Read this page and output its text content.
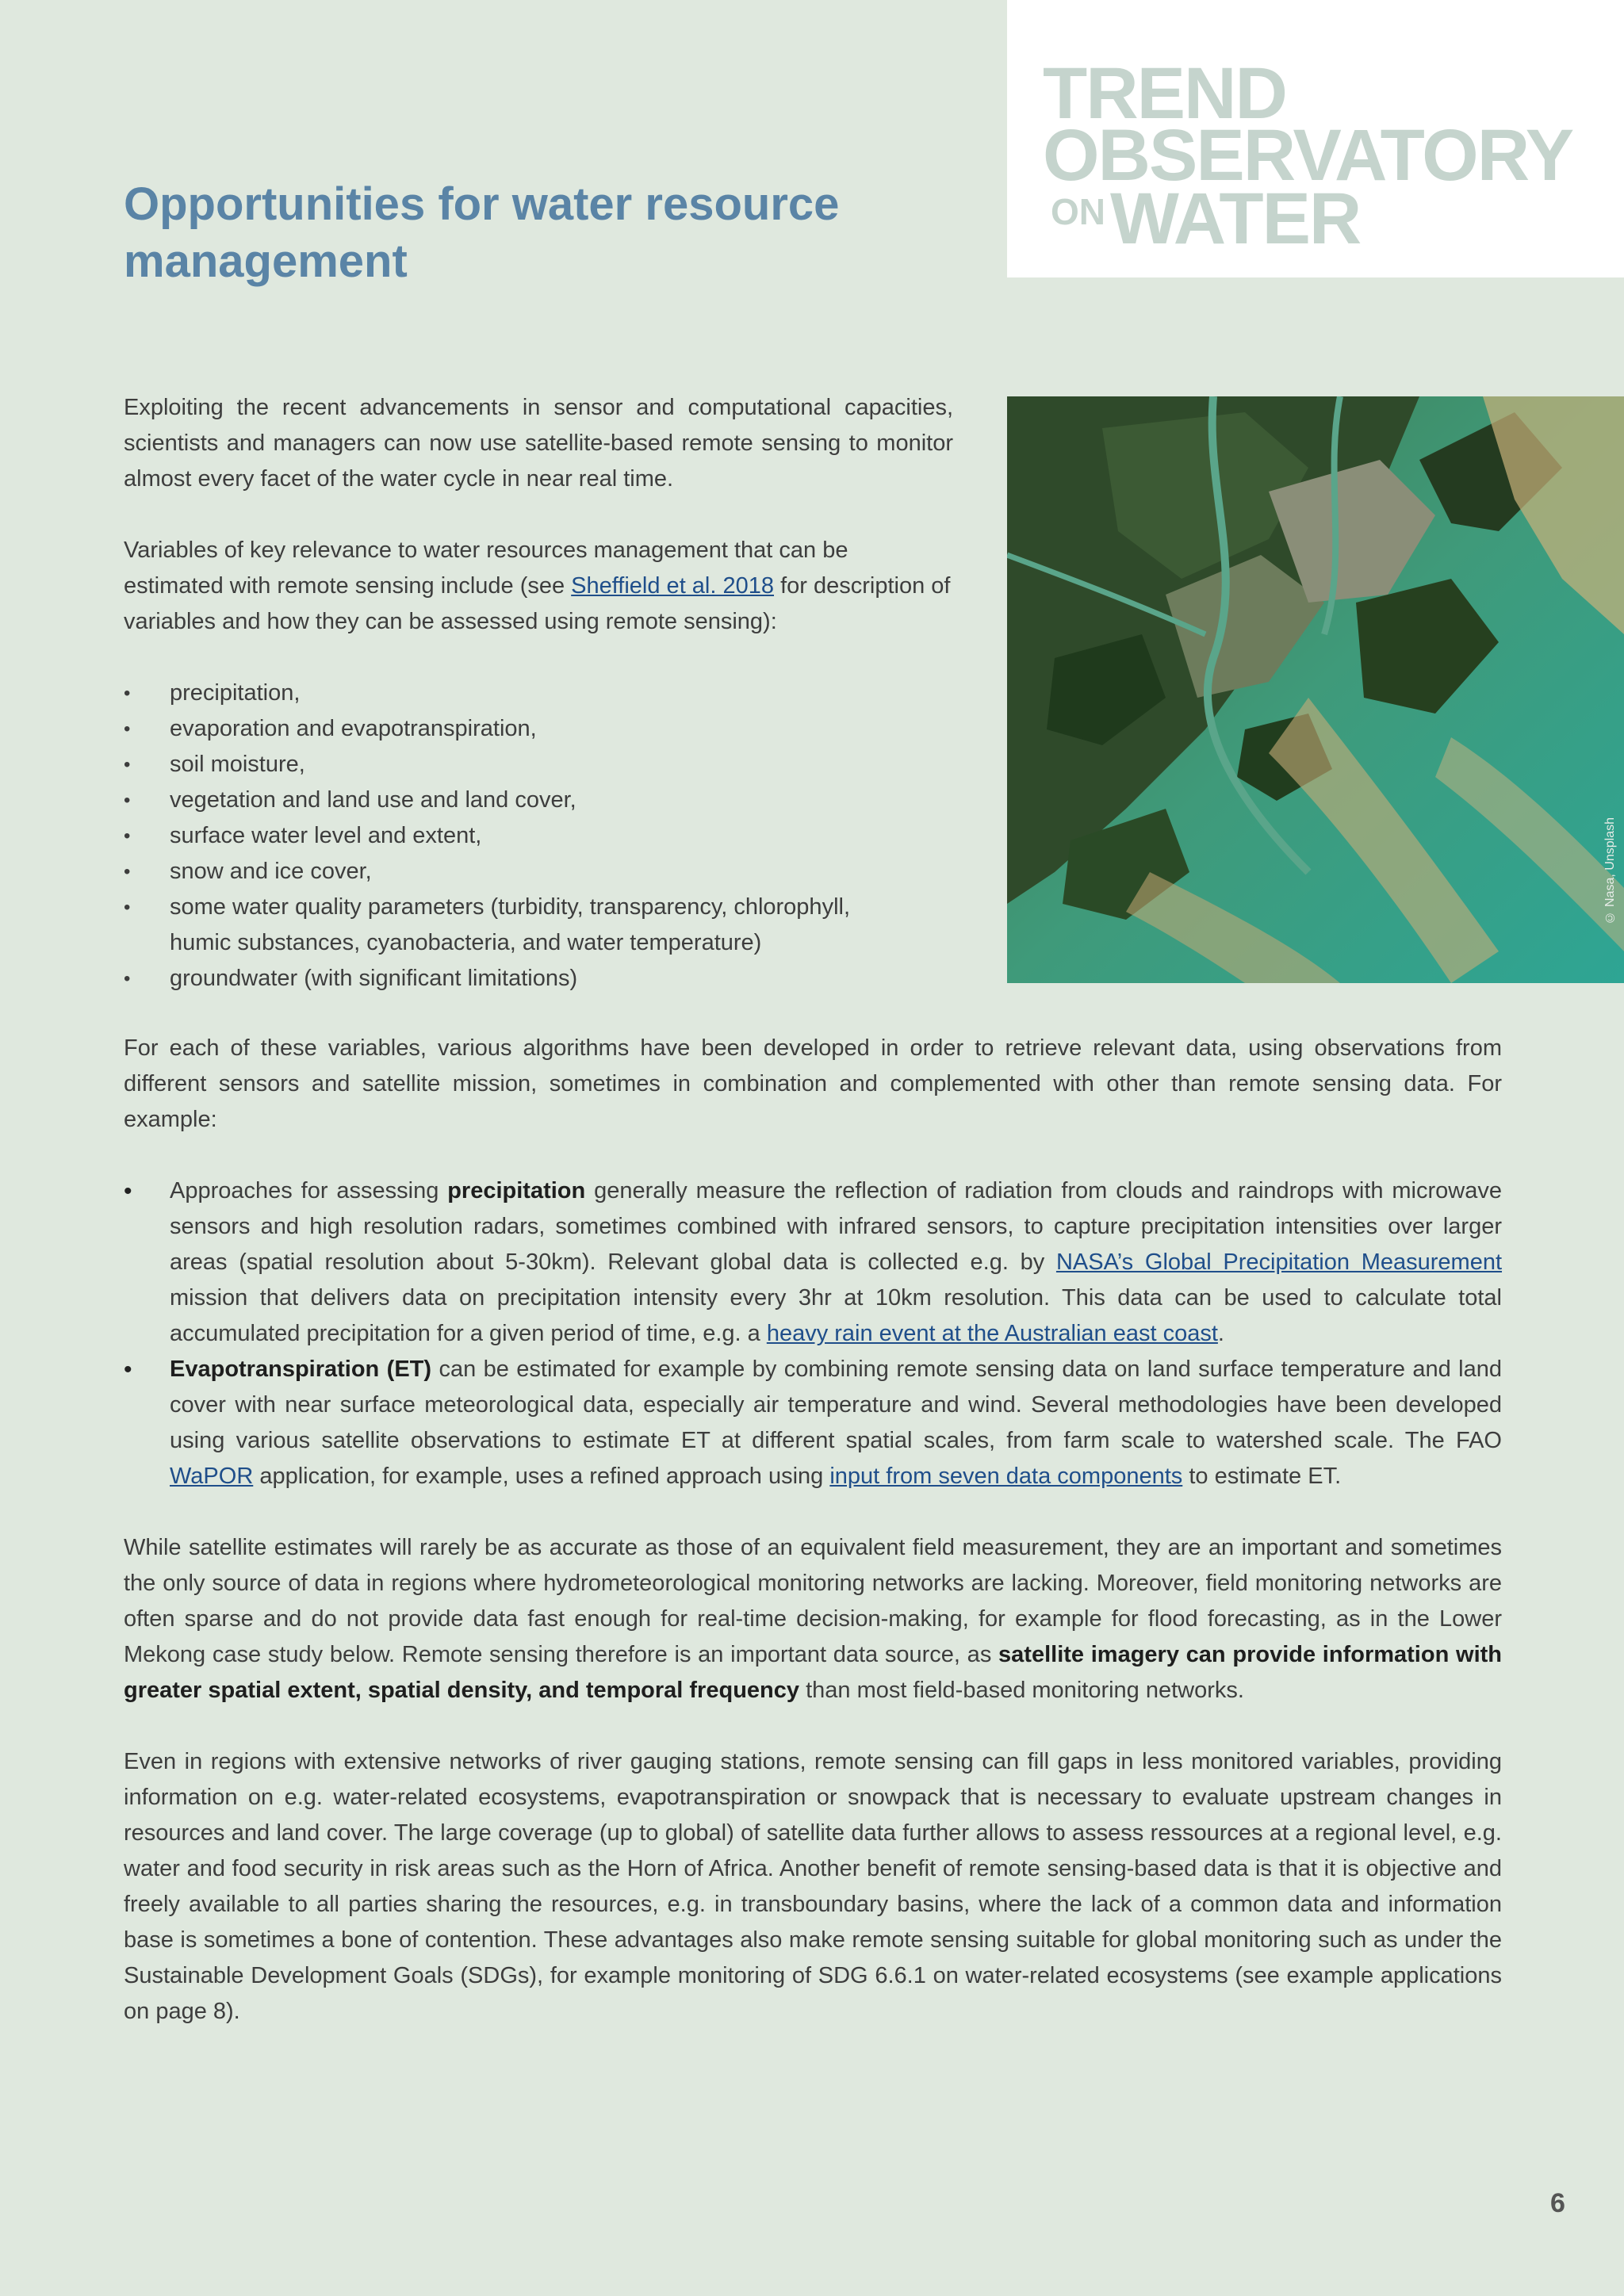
TREND

OBSERVATORY

ON WATER

Opportunities for water resource management
© Nasa, Unsplash

Exploiting the recent advancements in sensor and computational capacities, scientists and managers can now use satellite-based remote sensing to monitor almost every facet of the water cycle in near real time.

Variables of key relevance to water resources management that can be estimated with remote sensing include (see Sheffield et al. 2018 for description of variables and how they can be assessed using remote sensing):

• precipitation,
• evaporation and evapotranspiration,
• soil moisture,
• vegetation and land use and land cover,
• surface water level and extent,
• snow and ice cover,
• some water quality parameters (turbidity, transparency, chlorophyll, humic substances, cyanobacteria, and water temperature)
• groundwater (with significant limitations)

For each of these variables, various algorithms have been developed in order to retrieve relevant data, using observations from different sensors and satellite mission, sometimes in combination and complemented with other than remote sensing data. For example:

• Approaches for assessing precipitation generally measure the reflection of radiation from clouds and raindrops with microwave sensors and high resolution radars, sometimes combined with infrared sensors, to capture precipitation intensities over larger areas (spatial resolution about 5-30km). Relevant global data is collected e.g. by NASA’s Global Precipitation Measurement mission that delivers data on precipitation intensity every 3hr at 10km resolution. This data can be used to calculate total accumulated precipitation for a given period of time, e.g. a heavy rain event at the Australian east coast.
• Evapotranspiration (ET) can be estimated for example by combining remote sensing data on land surface temperature and land cover with near surface meteorological data, especially air temperature and wind. Several methodologies have been developed using various satellite observations to estimate ET at different spatial scales, from farm scale to watershed scale. The FAO WaPOR application, for example, uses a refined approach using input from seven data components to estimate ET.

While satellite estimates will rarely be as accurate as those of an equivalent field measurement, they are an important and sometimes the only source of data in regions where hydrometeorological monitoring networks are lacking. Moreover, field monitoring networks are often sparse and do not provide data fast enough for real-time decision-making, for example for flood forecasting, as in the Lower Mekong case study below. Remote sensing therefore is an important data source, as satellite imagery can provide information with greater spatial extent, spatial density, and temporal frequency than most field-based monitoring networks.

Even in regions with extensive networks of river gauging stations, remote sensing can fill gaps in less monitored variables, providing information on e.g. water-related ecosystems, evapotranspiration or snowpack that is necessary to evaluate upstream changes in resources and land cover. The large coverage (up to global) of satellite data further allows to assess ressources at a regional level, e.g. water and food security in risk areas such as the Horn of Africa. Another benefit of remote sensing-based data is that it is objective and freely available to all parties sharing the resources, e.g. in transboundary basins, where the lack of a common data and information base is sometimes a bone of contention. These advantages also make remote sensing suitable for global monitoring such as under the Sustainable Development Goals (SDGs), for example monitoring of SDG 6.6.1 on water-related ecosystems (see example applications on page 8).

6
